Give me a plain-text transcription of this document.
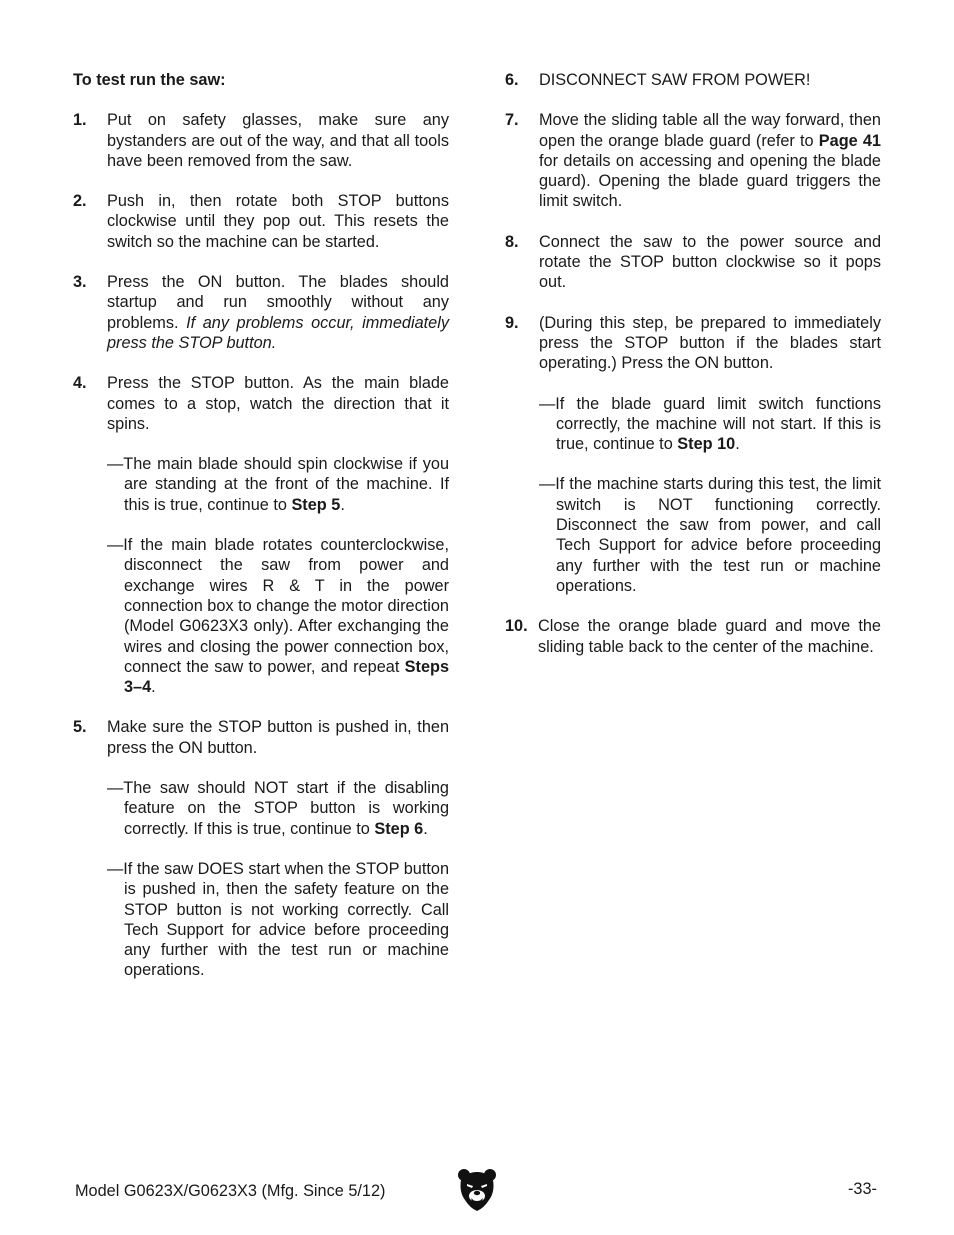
To test run the saw:
1.	Put on safety glasses, make sure any bystanders are out of the way, and that all tools have been removed from the saw.
2.	Push in, then rotate both STOP buttons clockwise until they pop out. This resets the switch so the machine can be started.
3.	Press the ON button. The blades should startup and run smoothly without any problems. If any problems occur, immediately press the STOP button.
4.	Press the STOP button. As the main blade comes to a stop, watch the direction that it spins.
—The main blade should spin clockwise if you are standing at the front of the machine. If this is true, continue to Step 5.
—If the main blade rotates counterclockwise, disconnect the saw from power and exchange wires R & T in the power connection box to change the motor direction (Model G0623X3 only). After exchanging the wires and closing the power connection box, connect the saw to power, and repeat Steps 3–4.
5.	Make sure the STOP button is pushed in, then press the ON button.
—The saw should NOT start if the disabling feature on the STOP button is working correctly. If this is true, continue to Step 6.
—If the saw DOES start when the STOP button is pushed in, then the safety feature on the STOP button is not working correctly. Call Tech Support for advice before proceeding any further with the test run or machine operations.
6.	DISCONNECT SAW FROM POWER!
7.	Move the sliding table all the way forward, then open the orange blade guard (refer to Page 41 for details on accessing and opening the blade guard). Opening the blade guard triggers the limit switch.
8.	Connect the saw to the power source and rotate the STOP button clockwise so it pops out.
9.	(During this step, be prepared to immediately press the STOP button if the blades start operating.) Press the ON button.
—If the blade guard limit switch functions correctly, the machine will not start. If this is true, continue to Step 10.
—If the machine starts during this test, the limit switch is NOT functioning correctly. Disconnect the saw from power, and call Tech Support for advice before proceeding any further with the test run or machine operations.
10. Close the orange blade guard and move the sliding table back to the center of the machine.
Model G0623X/G0623X3 (Mfg. Since 5/12)	-33-
